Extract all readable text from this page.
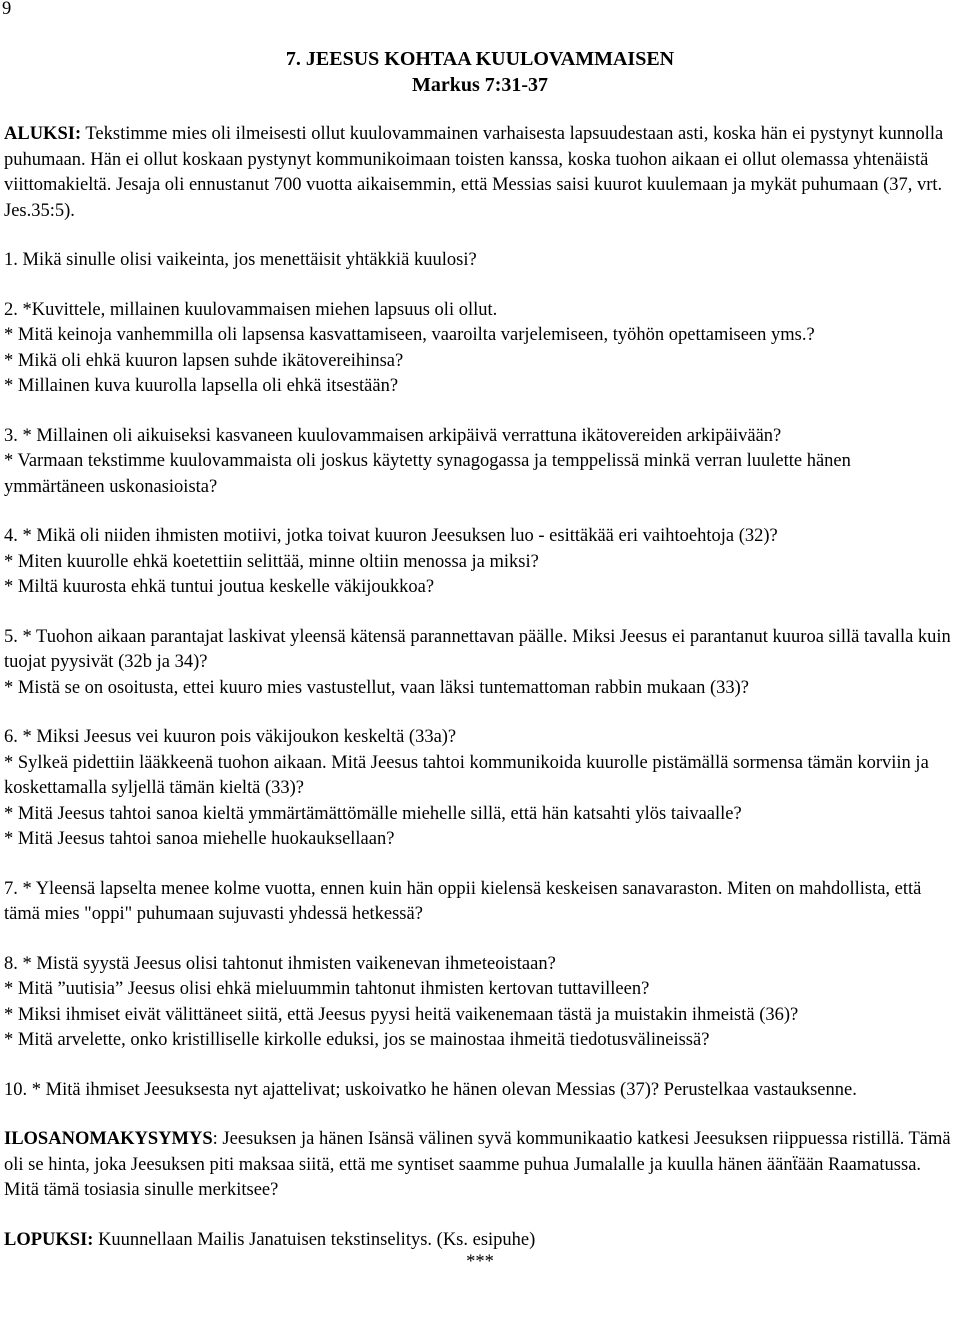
9
7. JEESUS KOHTAA KUULOVAMMAISEN
Markus 7:31-37
ALUKSI: Tekstimme mies oli ilmeisesti ollut kuulovammainen varhaisesta lapsuudestaan asti, koska hän ei pystynyt kunnolla puhumaan. Hän ei ollut koskaan pystynyt kommunikoimaan toisten kanssa, koska tuohon aikaan ei ollut olemassa yhtenäistä viittomakieltä. Jesaja oli ennustanut 700 vuotta aikaisemmin, että Messias saisi kuurot kuulemaan ja mykät puhumaan (37, vrt. Jes.35:5).
1. Mikä sinulle olisi vaikeinta, jos menettäisit yhtäkkiä kuulosi?
2. *Kuvittele, millainen kuulovammaisen miehen lapsuus oli ollut.
* Mitä keinoja vanhemmilla oli lapsensa kasvattamiseen, vaaroilta varjelemiseen, työhön opettamiseen yms.?
* Mikä oli ehkä kuuron lapsen suhde ikätovereihinsa?
* Millainen kuva kuurolla lapsella oli ehkä itsestään?
3. * Millainen oli aikuiseksi kasvaneen kuulovammaisen arkipäivä verrattuna ikätovereiden arkipäivään?
* Varmaan tekstimme kuulovammaista oli joskus käytetty synagogassa ja temppelissä minkä verran luulette hänen ymmärtäneen uskonasioista?
4. * Mikä oli niiden ihmisten motiivi, jotka toivat kuuron Jeesuksen luo - esittäkää eri vaihtoehtoja (32)?
* Miten kuurolle ehkä koetettiin selittää, minne oltiin menossa ja miksi?
* Miltä kuurosta ehkä tuntui joutua keskelle väkijoukkoa?
5. * Tuohon aikaan parantajat laskivat yleensä kätensä parannettavan päälle. Miksi Jeesus ei parantanut kuuroa sillä tavalla kuin tuojat pyysivät (32b ja 34)?
* Mistä se on osoitusta, ettei kuuro mies vastustellut, vaan läksi tuntemattoman rabbin mukaan (33)?
6. * Miksi Jeesus vei kuuron pois väkijoukon keskeltä (33a)?
* Sylkeä pidettiin lääkkeenä tuohon aikaan. Mitä Jeesus tahtoi kommunikoida kuurolle pistämällä sormensa tämän korviin ja koskettamalla syljellä tämän kieltä (33)?
* Mitä Jeesus tahtoi sanoa kieltä ymmärtämättömälle miehelle sillä, että hän katsahti ylös taivaalle?
* Mitä Jeesus tahtoi sanoa miehelle huokauksellaan?
7. * Yleensä lapselta menee kolme vuotta, ennen kuin hän oppii kielensä keskeisen sanavaraston. Miten on mahdollista, että tämä mies "oppi" puhumaan sujuvasti yhdessä hetkessä?
8. * Mistä syystä Jeesus olisi tahtonut ihmisten vaikenevan ihmeteoistaan?
* Mitä ”uutisia” Jeesus olisi ehkä mieluummin tahtonut ihmisten kertovan tuttavilleen?
* Miksi ihmiset eivät välittäneet siitä, että Jeesus pyysi heitä vaikenemaan tästä ja muistakin ihmeistä (36)?
* Mitä arvelette, onko kristilliselle kirkolle eduksi, jos se mainostaa ihmeitä tiedotusvälineissä?
10. * Mitä ihmiset Jeesuksesta nyt ajattelivat; uskoivatko he hänen olevan Messias (37)? Perustelkaa vastauksenne.
ILOSANOMAKYSYMYS: Jeesuksen ja hänen Isänsä välinen syvä kommunikaatio katkesi Jeesuksen riippuessa ristillä. Tämä oli se hinta, joka Jeesuksen piti maksaa siitä, että me syntiset saamme puhua Jumalalle ja kuulla hänen äänẗään Raamatussa. Mitä tämä tosiasia sinulle merkitsee?
LOPUKSI: Kuunnellaan Mailis Janatuisen tekstinselitys. (Ks. esipuhe)
***
